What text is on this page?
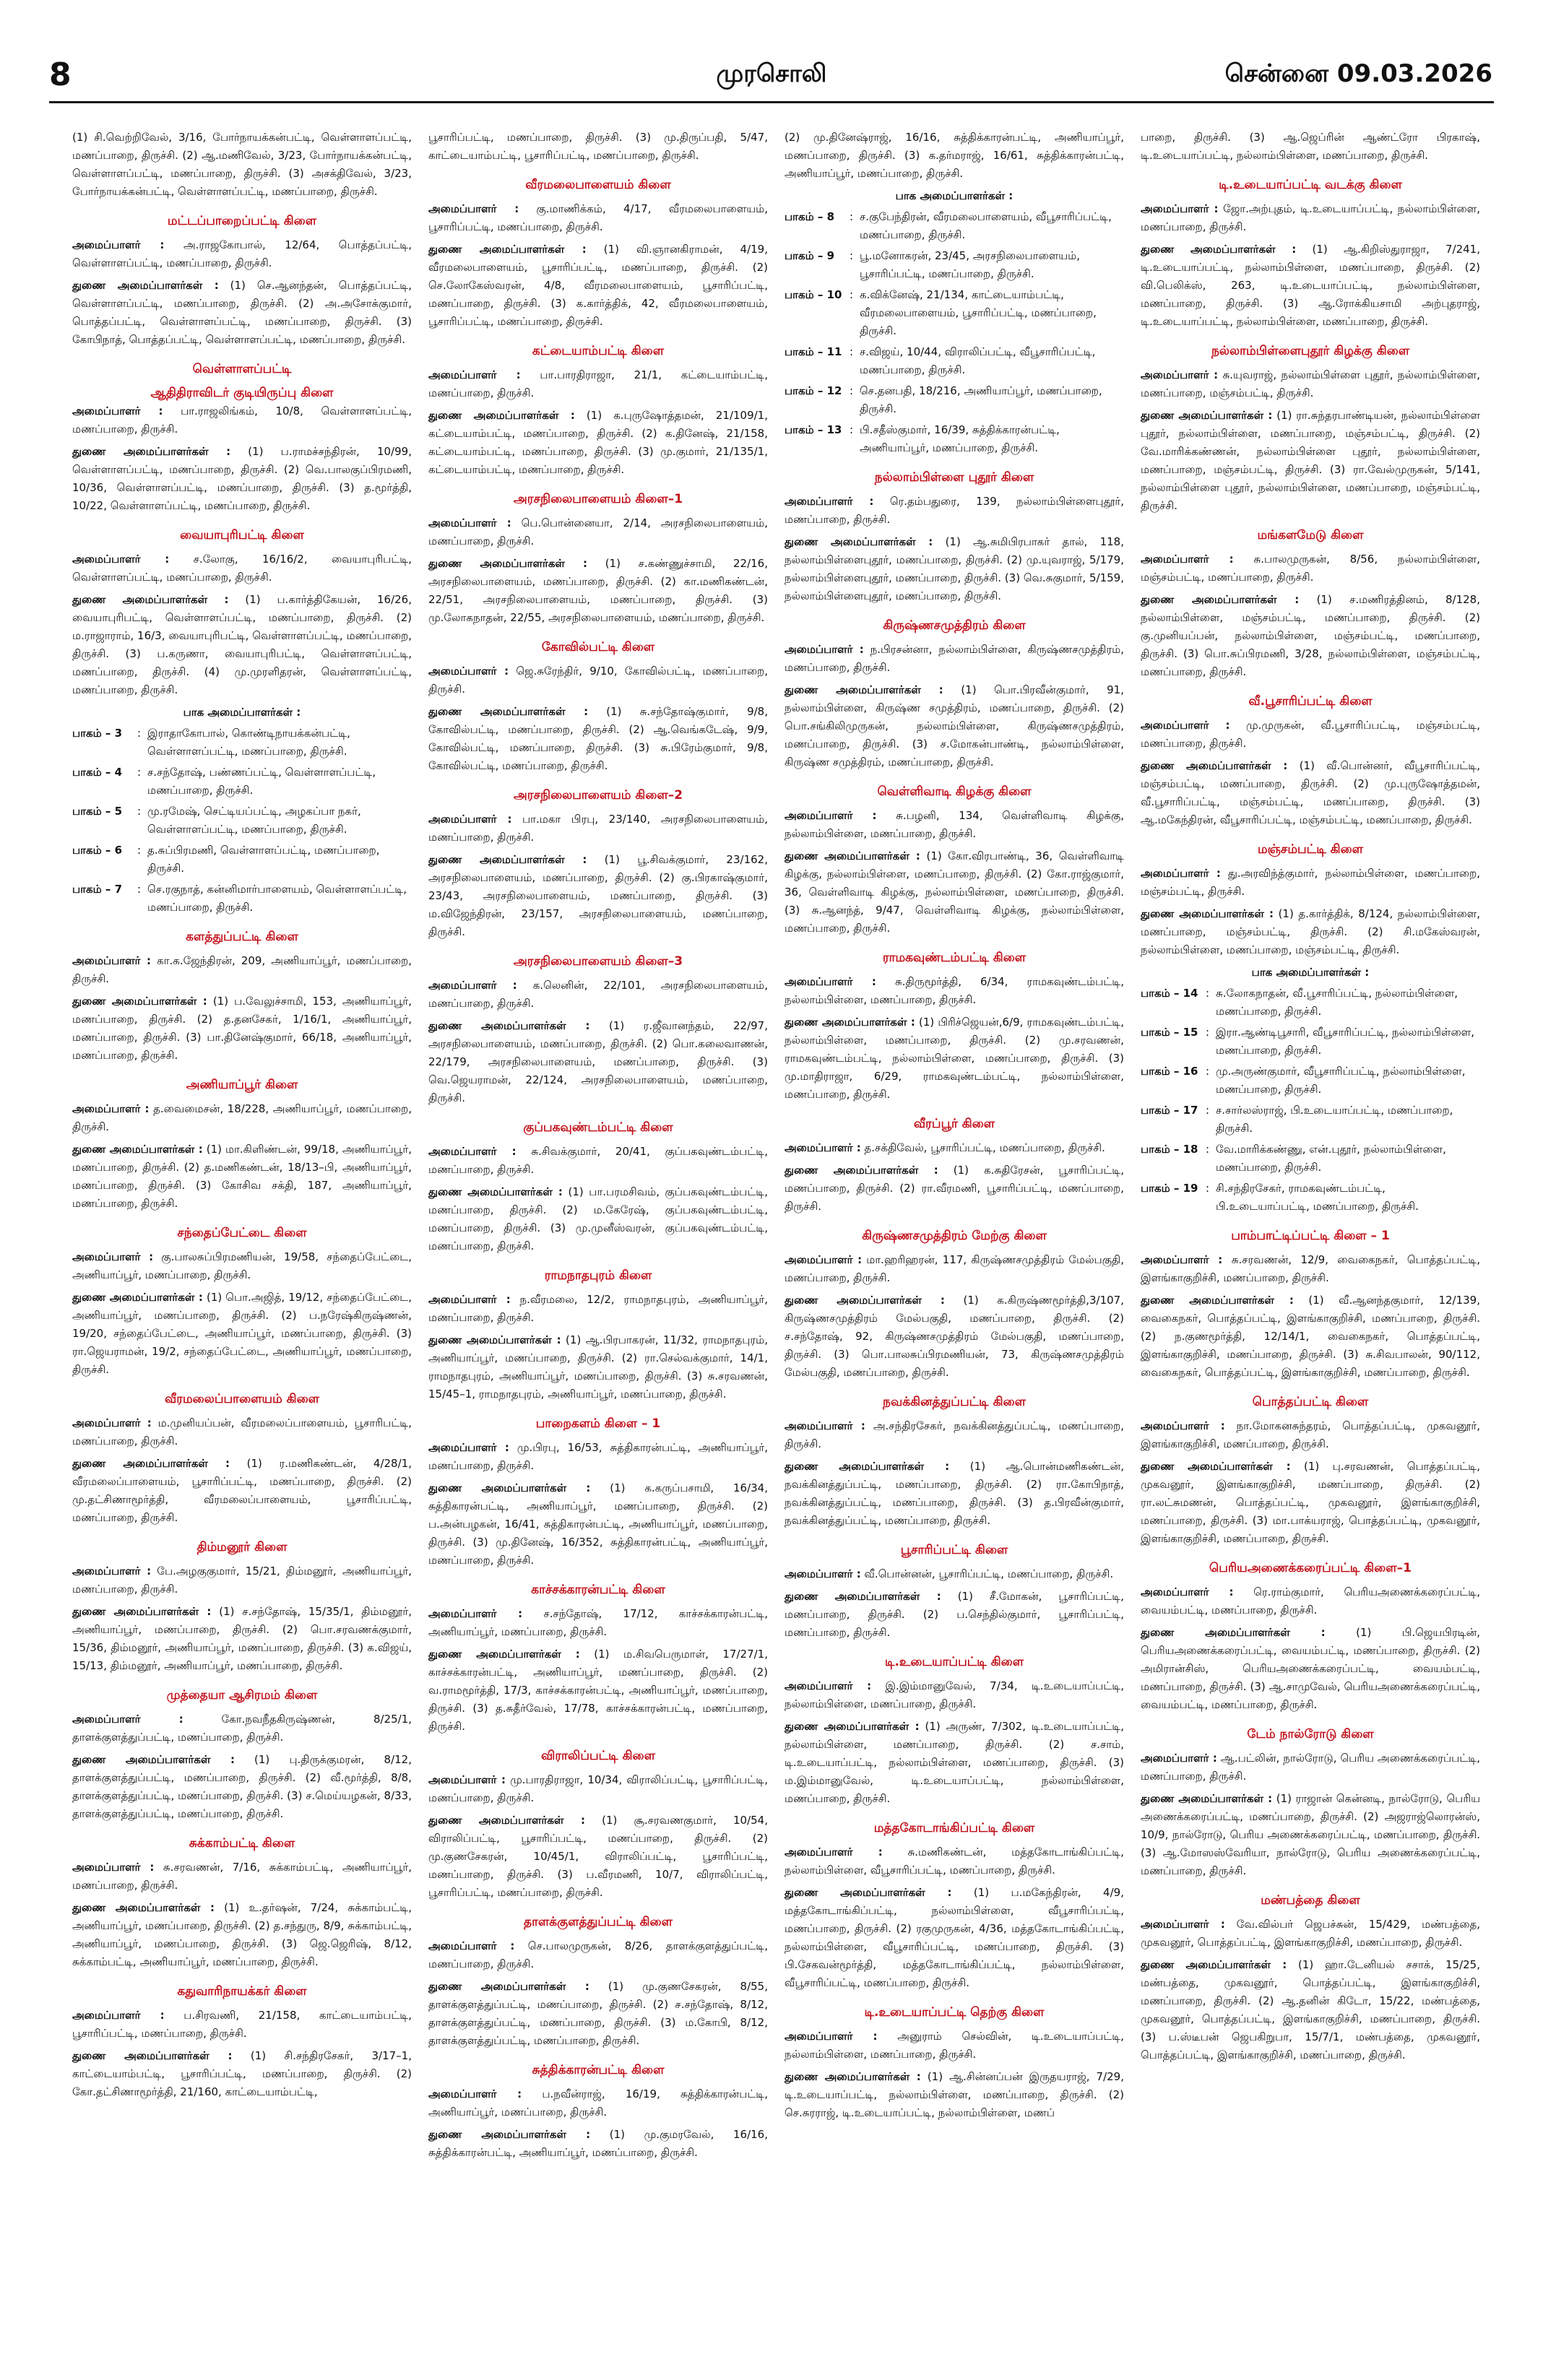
8	முரசொலி	சென்னை 09.03.2026
(1) சி.வெற்றிவேல், 3/16, போர்நாயக்கன்பட்டி, வெள்ளாளப்பட்டி, மணப்பாறை, திருச்சி. (2) ஆ.மணிவேல், 3/23, போர்நாயக்கன்பட்டி, வெள்ளாளப்பட்டி, மணப்பாறை, திருச்சி. (3) அசக்திவேல், 3/23, போர்நாயக்கன்பட்டி, வெள்ளாளப்பட்டி, மணப்பாறை, திருச்சி.
மட்டப்பாறைப்பட்டி கிளை
அமைப்பாளர் : அ.ராஜகோபால், 12/64, பொத்தப்பட்டி, வெள்ளாளப்பட்டி, மணப்பாறை, திருச்சி.
துணை அமைப்பாளர்கள் : (1) செ.ஆனந்தன், பொத்தப்பட்டி, வெள்ளாளப்பட்டி, மணப்பாறை, திருச்சி. (2) அ.அசோக்குமார், பொத்தப்பட்டி, வெள்ளாளப்பட்டி, மணப்பாறை, திருச்சி. (3) கோபிநாத், பொத்தப்பட்டி, வெள்ளாளப்பட்டி, மணப்பாறை, திருச்சி.
வெள்ளாளப்பட்டி
ஆதிதிராவிடர் குடியிருப்பு கிளை
அமைப்பாளர் : பா.ராஜலிங்கம், 10/8, வெள்ளாளப்பட்டி, மணப்பாறை, திருச்சி.
துணை அமைப்பாளர்கள் : (1) ப.ராமச்சந்திரன், 10/99, வெள்ளாளப்பட்டி, மணப்பாறை, திருச்சி. (2) வெ.பாலகுப்பிரமணி, 10/36, வெள்ளாளப்பட்டி, மணப்பாறை, திருச்சி. (3) த.மூர்த்தி, 10/22, வெள்ளாளப்பட்டி, மணப்பாறை, திருச்சி.
வையாபுரிபட்டி கிளை
அமைப்பாளர் : ச.லோகு, 16/16/2, வையாபுரிபட்டி, வெள்ளாளப்பட்டி, மணப்பாறை, திருச்சி.
துணை அமைப்பாளர்கள் : (1) ப.கார்த்திகேயன், 16/26, வையாபுரிபட்டி, வெள்ளாளப்பட்டி, மணப்பாறை, திருச்சி. (2) ம.ராஜாராம், 16/3, வையாபுரிபட்டி, வெள்ளாளப்பட்டி, மணப்பாறை, திருச்சி. (3) ப.கருணா, வையாபுரிபட்டி, வெள்ளாளப்பட்டி, மணப்பாறை, திருச்சி. (4) மு.முரளிதரன், வெள்ளாளப்பட்டி, மணப்பாறை, திருச்சி.
பாக அமைப்பாளர்கள் :
பாகம் – 3	: இராதாகோபால், கொண்டிநாயக்கன்பட்டி, வெள்ளாளப்பட்டி, மணப்பாறை, திருச்சி.
பாகம் – 4	: ச.சந்தோஷ், பண்ணப்பட்டி, வெள்ளாளப்பட்டி, மணப்பாறை, திருச்சி.
பாகம் – 5	: மு.ரமேஷ், செட்டியப்பட்டி, அழகப்பா நகர், வெள்ளாளப்பட்டி, மணப்பாறை, திருச்சி.
பாகம் – 6	: த.சுப்பிரமணி, வெள்ளாளப்பட்டி, மணப்பாறை, திருச்சி.
பாகம் – 7	: செ.ரகுநாத், கன்னிமார்பாளையம், வெள்ளாளப்பட்டி, மணப்பாறை, திருச்சி.
களத்துப்பட்டி கிளை
அமைப்பாளர் : கா.க.ஜேந்திரன், 209, அணியாப்பூர், மணப்பாறை, திருச்சி.
துணை அமைப்பாளர்கள் : (1) ப.வேலுச்சாமி, 153, அணியாப்பூர், மணப்பாறை, திருச்சி. (2) த.தனசேகர், 1/16/1, அணியாப்பூர், மணப்பாறை, திருச்சி. (3) பா.தினேஷ்குமார், 66/18, அணியாப்பூர், மணப்பாறை, திருச்சி.
அணியாப்பூர் கிளை
அமைப்பாளர் : த.வைமைசன், 18/228, அணியாப்பூர், மணப்பாறை, திருச்சி.
துணை அமைப்பாளர்கள் : (1) மா.கிளிண்டன், 99/18, அணியாப்பூர், மணப்பாறை, திருச்சி. (2) த.மணிகண்டன், 18/13–பி, அணியாப்பூர், மணப்பாறை, திருச்சி. (3) கோசிவ சக்தி, 187, அணியாப்பூர், மணப்பாறை, திருச்சி.
சந்தைப்பேட்டை கிளை
அமைப்பாளர் : கு.பாலசுப்பிரமணியன், 19/58, சந்தைப்பேட்டை, அணியாப்பூர், மணப்பாறை, திருச்சி.
துணை அமைப்பாளர்கள் : (1) பொ.அஜித், 19/12, சந்தைப்பேட்டை, அணியாப்பூர், மணப்பாறை, திருச்சி. (2) ப.நரேஷ்கிருஷ்ணன், 19/20, சந்தைப்பேட்டை, அணியாப்பூர், மணப்பாறை, திருச்சி. (3) ரா.ஜெயராமன், 19/2, சந்தைப்பேட்டை, அணியாப்பூர், மணப்பாறை, திருச்சி.
வீரமலைப்பாளையம் கிளை
அமைப்பாளர் : ம.முனியப்பன், வீரமலைப்பாளையம், பூசாரிபட்டி, மணப்பாறை, திருச்சி.
துணை அமைப்பாளர்கள் : (1) ர.மணிகண்டன், 4/28/1, வீரமலைப்பாளையம், பூசாரிப்பட்டி, மணப்பாறை, திருச்சி. (2) மு.தட்சிணாமூர்த்தி, வீரமலைப்பாளையம், பூசாரிப்பட்டி, மணப்பாறை, திருச்சி.
திம்மனூர் கிளை
அமைப்பாளர் : பே.அழகுகுமார், 15/21, திம்மனூர், அணியாப்பூர், மணப்பாறை, திருச்சி.
துணை அமைப்பாளர்கள் : (1) ச.சந்தோஷ், 15/35/1, திம்மனூர், அணியாப்பூர், மணப்பாறை, திருச்சி. (2) பொ.சரவணக்குமார், 15/36, திம்மனூர், அணியாப்பூர், மணப்பாறை, திருச்சி. (3) க.விஜய், 15/13, திம்மனூர், அணியாப்பூர், மணப்பாறை, திருச்சி.
முத்தையா ஆசிரமம் கிளை
அமைப்பாளர் :	கோ.நவநீதகிருஷ்ணன், 8/25/1, தாளக்குளத்துப்பட்டி, மணப்பாறை, திருச்சி.
துணை அமைப்பாளர்கள் : (1) பு.திருக்குமரன், 8/12, தாளக்குளத்துப்பட்டி, மணப்பாறை, திருச்சி. (2) வீ.மூர்த்தி, 8/8, தாளக்குளத்துப்பட்டி, மணப்பாறை, திருச்சி. (3) ச.மெய்யழகன், 8/33, தாளக்குளத்துப்பட்டி, மணப்பாறை, திருச்சி.
சுக்காம்பட்டி கிளை
அமைப்பாளர் : சு.சரவணன், 7/16, சுக்காம்பட்டி, அணியாப்பூர், மணப்பாறை, திருச்சி.
துணை அமைப்பாளர்கள் : (1) உ.தர்ஷன், 7/24, சுக்காம்பட்டி, அணியாப்பூர், மணப்பாறை, திருச்சி. (2) த.சந்துரு, 8/9, சுக்காம்பட்டி, அணியாப்பூர், மணப்பாறை, திருச்சி. (3) ஜெ.ஜெரிஷ், 8/12, சுக்காம்பட்டி, அணியாப்பூர், மணப்பாறை, திருச்சி.
கதுவாரிநாயக்கர் கிளை
அமைப்பாளர் : ப.சிரவணி, 21/158, காட்டையாம்பட்டி, பூசாரிப்பட்டி, மணப்பாறை, திருச்சி.
துணை அமைப்பாளர்கள் : (1) சி.சந்திரசேகர், 3/17–1, காட்டையாம்பட்டி, பூசாரிப்பட்டி, மணப்பாறை, திருச்சி. (2) கோ.தட்சிணாமூர்த்தி, 21/160, காட்டையாம்பட்டி,
பூசாரிப்பட்டி, மணப்பாறை, திருச்சி. (3) மு.திருப்பதி, 5/47, காட்டையாம்பட்டி, பூசாரிப்பட்டி, மணப்பாறை, திருச்சி.
வீரமலைபாளையம் கிளை
அமைப்பாளர் : கு.மாணிக்கம், 4/17, வீரமலைபாளையம், பூசாரிப்பட்டி, மணப்பாறை, திருச்சி.
துணை அமைப்பாளர்கள் : (1) வி.ஞானகிராமன், 4/19, வீரமலைபாளையம், பூசாரிப்பட்டி, மணப்பாறை, திருச்சி. (2) செ.லோகேஸ்வரன், 4/8, வீரமலைபாளையம், பூசாரிப்பட்டி, மணப்பாறை, திருச்சி. (3) க.கார்த்திக், 42, வீரமலைபாளையம், பூசாரிப்பட்டி, மணப்பாறை, திருச்சி.
கட்டையாம்பட்டி கிளை
அமைப்பாளர் : பா.பாரதிராஜா, 21/1, கட்டையாம்பட்டி, மணப்பாறை, திருச்சி.
துணை அமைப்பாளர்கள் : (1) க.புருஷோத்தமன், 21/109/1, கட்டையாம்பட்டி, மணப்பாறை, திருச்சி. (2) க.தினேஷ், 21/158, கட்டையாம்பட்டி, மணப்பாறை, திருச்சி. (3) மு.குமார், 21/135/1, கட்டையாம்பட்டி, மணப்பாறை, திருச்சி.
அரசநிலைபாளையம் கிளை–1
அமைப்பாளர் : பெ.பொன்னையா, 2/14, அரசநிலைபாளையம், மணப்பாறை, திருச்சி.
துணை அமைப்பாளர்கள் : (1) ச.கண்ணுச்சாமி, 22/16, அரசநிலைபாளையம், மணப்பாறை, திருச்சி. (2) கா.மணிகண்டன், 22/51, அரசநிலைபாளையம், மணப்பாறை, திருச்சி. (3) மு.லோகநாதன், 22/55, அரசநிலைபாளையம், மணப்பாறை, திருச்சி.
கோவில்பட்டி கிளை
அமைப்பாளர் : ஜெ.சுரேந்திர், 9/10, கோவில்பட்டி, மணப்பாறை, திருச்சி.
துணை அமைப்பாளர்கள் : (1) சு.சந்தோஷ்குமார், 9/8, கோவில்பட்டி, மணப்பாறை, திருச்சி. (2) ஆ.வெங்கடேஷ், 9/9, கோவில்பட்டி, மணப்பாறை, திருச்சி. (3) சு.பிரேம்குமார், 9/8, கோவில்பட்டி, மணப்பாறை, திருச்சி.
அரசநிலைபாளையம் கிளை–2
அமைப்பாளர் : பா.மகா பிரபு, 23/140, அரசநிலைபாளையம், மணப்பாறை, திருச்சி.
துணை அமைப்பாளர்கள் : (1) பூ.சிவக்குமார், 23/162, அரசநிலைபாளையம், மணப்பாறை, திருச்சி. (2) கு.பிரகாஷ்குமார், 23/43, அரசநிலைபாளையம், மணப்பாறை, திருச்சி. (3) ம.விஜேந்திரன், 23/157, அரசநிலைபாளையம், மணப்பாறை, திருச்சி.
அரசநிலைபாளையம் கிளை–3
அமைப்பாளர் : க.லெனின், 22/101, அரசநிலைபாளையம், மணப்பாறை, திருச்சி.
துணை அமைப்பாளர்கள் : (1) ர.ஜீவானந்தம், 22/97, அரசநிலைபாளையம், மணப்பாறை, திருச்சி. (2) பொ.கலைவாணன், 22/179, அரசநிலைபாளையம், மணப்பாறை, திருச்சி. (3) வெ.ஜெயராமன், 22/124, அரசநிலைபாளையம், மணப்பாறை, திருச்சி.
குப்பகவுண்டம்பட்டி கிளை
அமைப்பாளர் : சு.சிவக்குமார், 20/41, குப்பகவுண்டம்பட்டி, மணப்பாறை, திருச்சி.
துணை அமைப்பாளர்கள் : (1) பா.பரமசிவம், குப்பகவுண்டம்பட்டி, மணப்பாறை, திருச்சி. (2) ம.கேரேஷ், குப்பகவுண்டம்பட்டி, மணப்பாறை, திருச்சி. (3) மு.முனீஸ்வரன், குப்பகவுண்டம்பட்டி, மணப்பாறை, திருச்சி.
ராமநாதபுரம் கிளை
அமைப்பாளர் : ந.வீரமலை, 12/2, ராமநாதபுரம், அணியாப்பூர், மணப்பாறை, திருச்சி.
துணை அமைப்பாளர்கள் : (1) ஆ.பிரபாகரன், 11/32, ராமநாதபுரம், அணியாப்பூர், மணப்பாறை, திருச்சி. (2) ரா.செல்வக்குமார், 14/1, ராமநாதபுரம், அணியாப்பூர், மணப்பாறை, திருச்சி. (3) சு.சரவணன், 15/45–1, ராமநாதபுரம், அணியாப்பூர், மணப்பாறை, திருச்சி.
பாறைகளம் கிளை – 1
அமைப்பாளர் : மு.பிரபு, 16/53, சுத்திகாரன்பட்டி, அணியாப்பூர், மணப்பாறை, திருச்சி.
துணை அமைப்பாளர்கள் : (1) க.கருப்பசாமி, 16/34, சுத்திகாரன்பட்டி, அணியாப்பூர், மணப்பாறை, திருச்சி. (2) ப.அன்பழகன், 16/41, சுத்திகாரன்பட்டி, அணியாப்பூர், மணப்பாறை, திருச்சி. (3) மு.தினேஷ், 16/352, சுத்திகாரன்பட்டி, அணியாப்பூர், மணப்பாறை, திருச்சி.
காச்சக்காரன்பட்டி கிளை
அமைப்பாளர் : ச.சந்தோஷ், 17/12, காச்சக்காரன்பட்டி, அணியாப்பூர், மணப்பாறை, திருச்சி.
துணை அமைப்பாளர்கள் : (1) ம.சிவபெருமாள், 17/27/1, காச்சக்காரன்பட்டி, அணியாப்பூர், மணப்பாறை, திருச்சி. (2) வ.ராமமூர்த்தி, 17/3, காச்சக்காரன்பட்டி, அணியாப்பூர், மணப்பாறை, திருச்சி. (3) த.சுதீர்வேல், 17/78, காச்சக்காரன்பட்டி, மணப்பாறை, திருச்சி.
விராலிப்பட்டி கிளை
அமைப்பாளர் : மு.பாரதிராஜா, 10/34, விராலிப்பட்டி, பூசாரிப்பட்டி, மணப்பாறை, திருச்சி.
துணை அமைப்பாளர்கள் : (1) சூ.சரவணகுமார், 10/54, விராலிப்பட்டி, பூசாரிப்பட்டி, மணப்பாறை, திருச்சி. (2) மு.குணசேகரன், 10/45/1, விராலிப்பட்டி, பூசாரிப்பட்டி, மணப்பாறை, திருச்சி. (3) ப.வீரமணி, 10/7, விராலிப்பட்டி, பூசாரிப்பட்டி, மணப்பாறை, திருச்சி.
தாளக்குளத்துப்பட்டி கிளை
அமைப்பாளர் : செ.பாலமுருகன், 8/26, தாளக்குளத்துப்பட்டி, மணப்பாறை, திருச்சி.
துணை அமைப்பாளர்கள் : (1) மு.குணசேகரன், 8/55, தாளக்குளத்துப்பட்டி, மணப்பாறை, திருச்சி. (2) ச.சந்தோஷ், 8/12, தாளக்குளத்துப்பட்டி, மணப்பாறை, திருச்சி. (3) ம.கோபி, 8/12, தாளக்குளத்துப்பட்டி, மணப்பாறை, திருச்சி.
சுத்திக்காரன்பட்டி கிளை
அமைப்பாளர் : ப.நவீன்ராஜ், 16/19, சுத்திக்காரன்பட்டி, அணியாப்பூர், மணப்பாறை, திருச்சி.
துணை அமைப்பாளர்கள் : (1) மு.குமரவேல், 16/16, சுத்திக்காரன்பட்டி, அணியாப்பூர், மணப்பாறை, திருச்சி.
(2) மு.தினேஷ்ராஜ், 16/16, சுத்திக்காரன்பட்டி, அணியாப்பூர், மணப்பாறை, திருச்சி. (3) க.தர்மராஜ், 16/61, சுத்திக்காரன்பட்டி, அணியாப்பூர், மணப்பாறை, திருச்சி.
பாக அமைப்பாளர்கள் :
பாகம் – 8	: ச.குபேந்திரன், வீரமலைபாளையம், வீபூசாரிப்பட்டி, மணப்பாறை, திருச்சி.
பாகம் – 9	: பூ.மனோகரன், 23/45, அரசநிலைபாளையம், பூசாரிப்பட்டி, மணப்பாறை, திருச்சி.
பாகம் – 10 : க.விக்னேஷ், 21/134, காட்டையாம்பட்டி, வீரமலைபாளையம், பூசாரிப்பட்டி, மணப்பாறை, திருச்சி.
பாகம் – 11 : ச.விஜய், 10/44, விராலிப்பட்டி, வீபூசாரிப்பட்டி, மணப்பாறை, திருச்சி.
பாகம் – 12 : செ.தனபதி, 18/216, அணியாப்பூர், மணப்பாறை, திருச்சி.
பாகம் – 13 : பி.சதீஸ்குமார், 16/39, சுத்திக்காரன்பட்டி, அணியாப்பூர், மணப்பாறை, திருச்சி.
நல்லாம்பிள்ளை புதூர் கிளை
அமைப்பாளர் : ரெ.தம்பதுரை, 139, நல்லாம்பிள்ளைபுதூர், மணப்பாறை, திருச்சி.
துணை அமைப்பாளர்கள் : (1) ஆ.சுமிபிரபாகர் தால், 118, நல்லாம்பிள்ளைபுதூர், மணப்பாறை, திருச்சி. (2) மு.யுவராஜ், 5/179, நல்லாம்பிள்ளைபுதூர், மணப்பாறை, திருச்சி. (3) வெ.சுகுமார், 5/159, நல்லாம்பிள்ளைபுதூர், மணப்பாறை, திருச்சி.
கிருஷ்ணசமுத்திரம் கிளை
அமைப்பாளர் : ந.பிரசன்னா, நல்லாம்பிள்ளை, கிருஷ்ணசமுத்திரம், மணப்பாறை, திருச்சி.
துணை அமைப்பாளர்கள் : (1) பொ.பிரவீன்குமார், 91, நல்லாம்பிள்ளை, கிருஷ்ண சமுத்திரம், மணப்பாறை, திருச்சி. (2) பொ.சங்கிலிமுருகன், நல்லாம்பிள்ளை, கிருஷ்ணசமுத்திரம், மணப்பாறை, திருச்சி. (3) ச.மோகன்பாண்டி, நல்லாம்பிள்ளை, கிருஷ்ண சமுத்திரம், மணப்பாறை, திருச்சி.
வெள்ளிவாடி கிழக்கு கிளை
அமைப்பாளர் : சு.பழனி, 134, வெள்ளிவாடி கிழக்கு, நல்லாம்பிள்ளை, மணப்பாறை, திருச்சி.
துணை அமைப்பாளர்கள் : (1) கோ.விரபாண்டி, 36, வெள்ளிவாடி கிழக்கு, நல்லாம்பிள்ளை, மணப்பாறை, திருச்சி. (2) கோ.ராஜ்குமார், 36, வெள்ளிவாடி கிழக்கு, நல்லாம்பிள்ளை, மணப்பாறை, திருச்சி. (3) சு.ஆனந்த், 9/47, வெள்ளிவாடி கிழக்கு, நல்லாம்பிள்ளை, மணப்பாறை, திருச்சி.
ராமகவுண்டம்பட்டி கிளை
அமைப்பாளர் : சு.திருமூர்த்தி, 6/34, ராமகவுண்டம்பட்டி, நல்லாம்பிள்ளை, மணப்பாறை, திருச்சி.
துணை அமைப்பாளர்கள் : (1) பிரிச்ஜெயன்,6/9, ராமகவுண்டம்பட்டி, நல்லாம்பிள்ளை, மணப்பாறை, திருச்சி. (2) மு.சரவணன், ராமகவுண்டம்பட்டி, நல்லாம்பிள்ளை, மணப்பாறை, திருச்சி. (3) மு.மாதிராஜா, 6/29, ராமகவுண்டம்பட்டி, நல்லாம்பிள்ளை, மணப்பாறை, திருச்சி.
வீரப்பூர் கிளை
அமைப்பாளர் : த.சக்திவேல், பூசாரிப்பட்டி, மணப்பாறை, திருச்சி.
துணை அமைப்பாளர்கள் : (1) க.சுதிரேசன், பூசாரிப்பட்டி, மணப்பாறை, திருச்சி. (2) ரா.வீரமணி, பூசாரிப்பட்டி, மணப்பாறை, திருச்சி.
கிருஷ்ணசமுத்திரம் மேற்கு கிளை
அமைப்பாளர் : மா.ஹரிஹரன், 117, கிருஷ்ணசமுத்திரம் மேல்பகுதி, மணப்பாறை, திருச்சி.
துணை அமைப்பாளர்கள் : (1) க.கிருஷ்ணமூர்த்தி,3/107, கிருஷ்ணசமுத்திரம் மேல்பகுதி, மணப்பாறை, திருச்சி. (2) ச.சந்தோஷ், 92, கிருஷ்ணசமுத்திரம் மேல்பகுதி, மணப்பாறை, திருச்சி. (3) பொ.பாலசுப்பிரமணியன், 73, கிருஷ்ணசமுத்திரம் மேல்பகுதி, மணப்பாறை, திருச்சி.
நவக்கினத்துப்பட்டி கிளை
அமைப்பாளர் : அ.சந்திரசேகர், நவக்கினத்துப்பட்டி, மணப்பாறை, திருச்சி.
துணை அமைப்பாளர்கள் : (1) ஆ.பொன்மணிகண்டன், நவக்கினத்துப்பட்டி, மணப்பாறை, திருச்சி. (2) ரா.கோபிநாத், நவக்கினத்துப்பட்டி, மணப்பாறை, திருச்சி. (3) த.பிரவீன்குமார், நவக்கினத்துப்பட்டி, மணப்பாறை, திருச்சி.
பூசாரிப்பட்டி கிளை
அமைப்பாளர் : வீ.பொன்னன், பூசாரிப்பட்டி, மணப்பாறை, திருச்சி.
துணை அமைப்பாளர்கள் : (1) சீ.மோகன், பூசாரிப்பட்டி, மணப்பாறை, திருச்சி. (2) ப.செந்தில்குமார், பூசாரிப்பட்டி, மணப்பாறை, திருச்சி.
டி.உடையாப்பட்டி கிளை
அமைப்பாளர் : இ.இம்மானுவேல், 7/34, டி.உடையாப்பட்டி, நல்லாம்பிள்ளை, மணப்பாறை, திருச்சி.
துணை அமைப்பாளர்கள் : (1) அருண், 7/302, டி.உடையாப்பட்டி, நல்லாம்பிள்ளை, மணப்பாறை, திருச்சி. (2) ச.சாம், டி.உடையாப்பட்டி, நல்லாம்பிள்ளை, மணப்பாறை, திருச்சி. (3) ம.இம்மானுவேல், டி.உடையாப்பட்டி, நல்லாம்பிள்ளை, மணப்பாறை, திருச்சி.
மத்தகோடாங்கிப்பட்டி கிளை
அமைப்பாளர் : சு.மணிகண்டன், மத்தகோடாங்கிப்பட்டி, நல்லாம்பிள்ளை, வீபூசாரிப்பட்டி, மணப்பாறை, திருச்சி.
துணை அமைப்பாளர்கள் : (1) ப.மகேந்திரன், 4/9, மத்தகோடாங்கிப்பட்டி, நல்லாம்பிள்ளை, வீபூசாரிப்பட்டி, மணப்பாறை, திருச்சி. (2) ரகுமுருகன், 4/36, மத்தகோடாங்கிப்பட்டி, நல்லாம்பிள்ளை, வீபூசாரிப்பட்டி, மணப்பாறை, திருச்சி. (3) பி.சேகவன்மூர்த்தி, மத்தகோடாங்கிப்பட்டி, நல்லாம்பிள்ளை, வீபூசாரிப்பட்டி, மணப்பாறை, திருச்சி.
டி.உடையாப்பட்டி தெற்கு கிளை
அமைப்பாளர் : அனுராம் செல்வின், டி.உடையாப்பட்டி, நல்லாம்பிள்ளை, மணப்பாறை, திருச்சி.
துணை அமைப்பாளர்கள் : (1) ஆ.சின்னப்பன் இருதயராஜ், 7/29, டி.உடையாப்பட்டி, நல்லாம்பிள்ளை, மணப்பாறை, திருச்சி. (2) செ.சுரராஜ், டி.உடையாப்பட்டி, நல்லாம்பிள்ளை, மணப்
பாறை, திருச்சி. (3) ஆ.ஜெப்ரின் ஆண்ட்ரோ பிரகாஷ், டி.உடையாப்பட்டி, நல்லாம்பிள்ளை, மணப்பாறை, திருச்சி.
டி.உடையாப்பட்டி வடக்கு கிளை
அமைப்பாளர் : ஜோ.அற்புதம், டி.உடையாப்பட்டி, நல்லாம்பிள்ளை, மணப்பாறை, திருச்சி.
துணை அமைப்பாளர்கள் : (1) ஆ.கிறிஸ்துராஜா, 7/241, டி.உடையாப்பட்டி, நல்லாம்பிள்ளை, மணப்பாறை, திருச்சி. (2) வி.பெலிக்ஸ், 263, டி.உடையாப்பட்டி, நல்லாம்பிள்ளை, மணப்பாறை, திருச்சி. (3) ஆ.ரோக்கியசாமி அற்புதராஜ், டி.உடையாப்பட்டி, நல்லாம்பிள்ளை, மணப்பாறை, திருச்சி.
நல்லாம்பிள்ளைபுதூர் கிழக்கு கிளை
அமைப்பாளர் : சு.யுவராஜ், நல்லாம்பிள்ளை புதூர், நல்லாம்பிள்ளை, மணப்பாறை, மஞ்சம்பட்டி, திருச்சி.
துணை அமைப்பாளர்கள் : (1) ரா.சுந்தரபாண்டியன், நல்லாம்பிள்ளை புதூர், நல்லாம்பிள்ளை, மணப்பாறை, மஞ்சம்பட்டி, திருச்சி. (2) வே.மாரிக்கண்ணன், நல்லாம்பிள்ளை புதூர், நல்லாம்பிள்ளை, மணப்பாறை, மஞ்சம்பட்டி, திருச்சி. (3) ரா.வேல்முருகன், 5/141, நல்லாம்பிள்ளை புதூர், நல்லாம்பிள்ளை, மணப்பாறை, மஞ்சம்பட்டி, திருச்சி.
மங்களமேடு கிளை
அமைப்பாளர் : சு.பாலமுருகன், 8/56, நல்லாம்பிள்ளை, மஞ்சம்பட்டி, மணப்பாறை, திருச்சி.
துணை அமைப்பாளர்கள் : (1) ச.மணிரத்தினம், 8/128, நல்லாம்பிள்ளை, மஞ்சம்பட்டி, மணப்பாறை, திருச்சி. (2) கு.முனியப்பன், நல்லாம்பிள்ளை, மஞ்சம்பட்டி, மணப்பாறை, திருச்சி. (3) பொ.சுப்பிரமணி, 3/28, நல்லாம்பிள்ளை, மஞ்சம்பட்டி, மணப்பாறை, திருச்சி.
வீ.பூசாரிப்பட்டி கிளை
அமைப்பாளர் : மு.முருகன், வீ.பூசாரிப்பட்டி, மஞ்சம்பட்டி, மணப்பாறை, திருச்சி.
துணை அமைப்பாளர்கள் : (1) வீ.பொன்னர், வீபூசாரிப்பட்டி, மஞ்சம்பட்டி, மணப்பாறை, திருச்சி. (2) மு.புருஷோத்தமன், வீ.பூசாரிப்பட்டி, மஞ்சம்பட்டி, மணப்பாறை, திருச்சி. (3) ஆ.மகேந்திரன், வீபூசாரிப்பட்டி, மஞ்சம்பட்டி, மணப்பாறை, திருச்சி.
மஞ்சம்பட்டி கிளை
அமைப்பாளர் : து.அரவிந்த்குமார், நல்லாம்பிள்ளை, மணப்பாறை, மஞ்சம்பட்டி, திருச்சி.
துணை அமைப்பாளர்கள் : (1) த.கார்த்திக், 8/124, நல்லாம்பிள்ளை, மணப்பாறை, மஞ்சம்பட்டி, திருச்சி. (2) சி.மகேஸ்வரன், நல்லாம்பிள்ளை, மணப்பாறை, மஞ்சம்பட்டி, திருச்சி.
பாக அமைப்பாளர்கள் :
பாகம் – 14 : சு.லோகநாதன், வீ.பூசாரிப்பட்டி, நல்லாம்பிள்ளை, மணப்பாறை, திருச்சி.
பாகம் – 15 : இரா.ஆண்டிபூசாரி, வீபூசாரிப்பட்டி, நல்லாம்பிள்ளை, மணப்பாறை, திருச்சி.
பாகம் – 16 : மு.அருண்குமார், வீபூசாரிப்பட்டி, நல்லாம்பிள்ளை, மணப்பாறை, திருச்சி.
பாகம் – 17 : ச.சார்லஸ்ராஜ், பி.உடையாப்பட்டி, மணப்பாறை, திருச்சி.
பாகம் – 18 : வே.மாரிக்கண்ணு, என்.புதூர், நல்லாம்பிள்ளை, மணப்பாறை, திருச்சி.
பாகம் – 19 : சி.சந்திரசேகர், ராமகவுண்டம்பட்டி, பி.உடையாப்பட்டி, மணப்பாறை, திருச்சி.
பாம்பாட்டிப்பட்டி கிளை – 1
அமைப்பாளர் : சு.சரவணன், 12/9, வைகைநகர், பொத்தப்பட்டி, இளங்காகுறிச்சி, மணப்பாறை, திருச்சி.
துணை அமைப்பாளர்கள் : (1) வீ.ஆனந்தகுமார், 12/139, வைகைநகர், பொத்தப்பட்டி, இளங்காகுறிச்சி, மணப்பாறை, திருச்சி. (2) ந.குணமூர்த்தி, 12/14/1, வைகைநகர், பொத்தப்பட்டி, இளங்காகுறிச்சி, மணப்பாறை, திருச்சி. (3) சு.சிவபாலன், 90/112, வைகைநகர், பொத்தப்பட்டி, இளங்காகுறிச்சி, மணப்பாறை, திருச்சி.
பொத்தப்பட்டி கிளை
அமைப்பாளர் : நா.மோகனசுந்தரம், பொத்தப்பட்டி, முகவனூர், இளங்காகுறிச்சி, மணப்பாறை, திருச்சி.
துணை அமைப்பாளர்கள் : (1) பு.சரவணன், பொத்தப்பட்டி, முகவனூர், இளங்காகுறிச்சி, மணப்பாறை, திருச்சி. (2) ரா.லட்சுமணன், பொத்தப்பட்டி, முகவனூர், இளங்காகுறிச்சி, மணப்பாறை, திருச்சி. (3) மா.பாக்யராஜ், பொத்தப்பட்டி, முகவனூர், இளங்காகுறிச்சி, மணப்பாறை, திருச்சி.
பெரியஅணைக்கரைப்பட்டி கிளை–1
அமைப்பாளர் : ரெ.ராம்குமார், பெரியஅணைக்கரைப்பட்டி, வையம்பட்டி, மணப்பாறை, திருச்சி.
துணை அமைப்பாளர்கள் :	(1) பி.ஜெயபிரடின், பெரியஅணைக்கரைப்பட்டி, வையம்பட்டி, மணப்பாறை, திருச்சி. (2) அமிரான்சிஸ், பெரியஅணைக்கரைப்பட்டி, வையம்பட்டி, மணப்பாறை, திருச்சி. (3) ஆ.சாமுவேல், பெரியஅணைக்கரைப்பட்டி, வையம்பட்டி, மணப்பாறை, திருச்சி.
டேம் நால்ரோடு கிளை
அமைப்பாளர் : ஆ.பட்லின், நால்ரோடு, பெரிய அணைக்கரைப்பட்டி, மணப்பாறை, திருச்சி.
துணை அமைப்பாளர்கள் : (1) ராஜான் கென்னடி, நால்ரோடு, பெரிய அணைக்கரைப்பட்டி, மணப்பாறை, திருச்சி. (2) அஜராஜ்லொரன்ஸ், 10/9, நால்ரோடு, பெரிய அணைக்கரைப்பட்டி, மணப்பாறை, திருச்சி. (3) ஆ.மோஸஸ்வேரியா, நால்ரோடு, பெரிய அணைக்கரைப்பட்டி, மணப்பாறை, திருச்சி.
மண்பத்தை கிளை
அமைப்பாளர் : வே.வில்பர் ஜெபச்சுன், 15/429, மண்பத்தை, முகவனூர், பொத்தப்பட்டி, இளங்காகுறிச்சி, மணப்பாறை, திருச்சி.
துணை அமைப்பாளர்கள் : (1) ஹா.டேனியல் சசாக், 15/25, மண்பத்தை, முகவனூர், பொத்தப்பட்டி, இளங்காகுறிச்சி, மணப்பாறை, திருச்சி. (2) ஆ.தனின் கிடோ, 15/22, மண்பத்தை, முகவனூர், பொத்தப்பட்டி, இளங்காகுறிச்சி, மணப்பாறை, திருச்சி. (3) ப.ஸ்டீபன் ஜெபகிறுபா, 15/7/1, மண்பத்தை, முகவனூர், பொத்தப்பட்டி, இளங்காகுறிச்சி, மணப்பாறை, திருச்சி.
